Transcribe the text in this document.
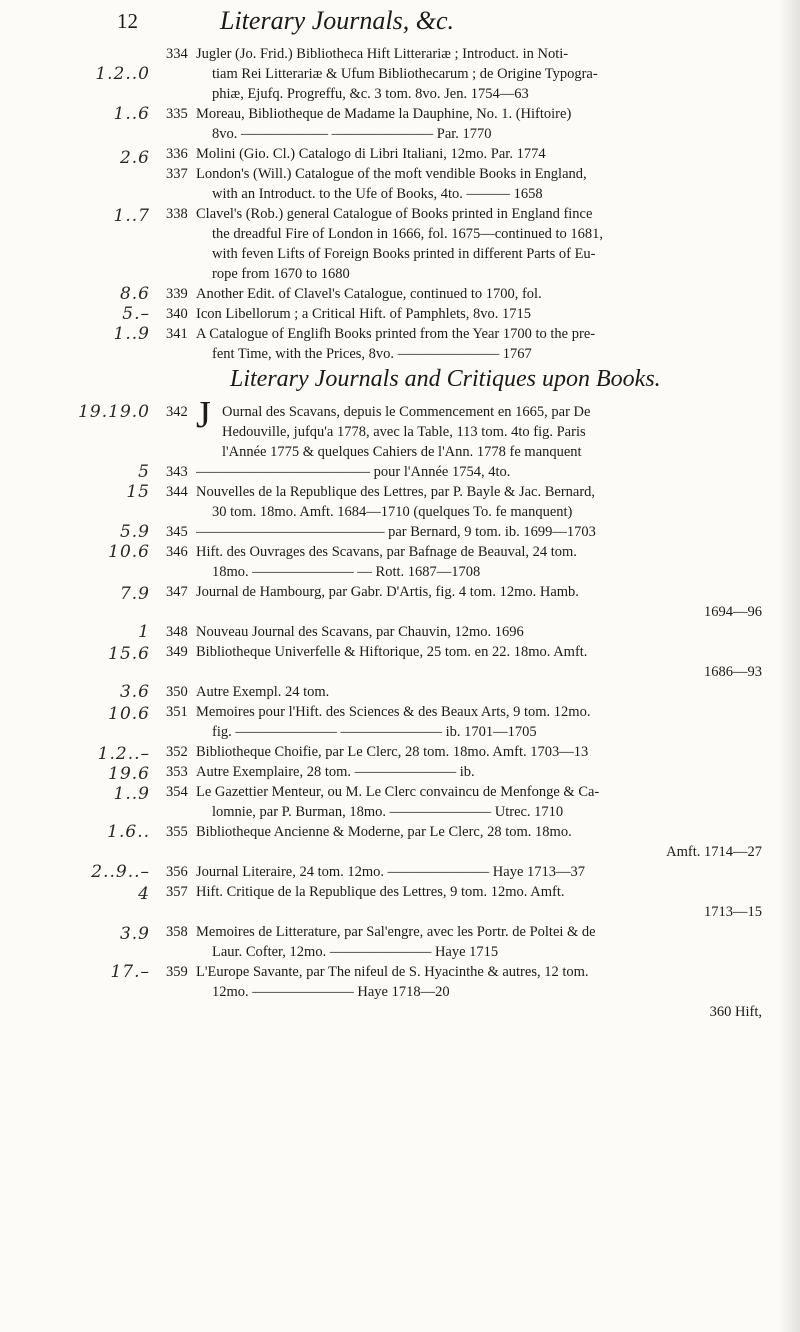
12	Literary Journals, &c.
334 Jugler (Jo. Frid.) Bibliotheca Hift Litterariæ ; Introduct. in Noti-
tiam Rei Litterariæ & Ufum Bibliothecarum ; de Origine Typogra-
phiæ, Ejufq. Progreffu, &c. 3 tom. 8vo. Jen. 1754—63
335 Moreau, Bibliotheque de Madame la Dauphine, No. 1. (Hiftoire)
8vo. —————— ——————— Par. 1770
336 Molini (Gio. Cl.) Catalogo di Libri Italiani, 12mo. Par. 1774
337 London's (Will.) Catalogue of the moft vendible Books in England,
with an Introduct. to the Ufe of Books, 4to. ——— 1658
338 Clavel's (Rob.) general Catalogue of Books printed in England fince
the dreadful Fire of London in 1666, fol. 1675—continued to 1681,
with feven Lifts of Foreign Books printed in different Parts of Eu-
rope from 1670 to 1680
339 Another Edit. of Clavel's Catalogue, continued to 1700, fol.
340 Icon Libellorum ; a Critical Hift. of Pamphlets, 8vo. 1715
341 A Catalogue of Englifh Books printed from the Year 1700 to the pre-
fent Time, with the Prices, 8vo. ——————— 1767
Literary Journals and Critiques upon Books.
J
342	Ournal des Scavans, depuis le Commencement en 1665, par De
Hedouville, jufqu'a 1778, avec la Table, 113 tom. 4to fig. Paris
l'Année 1775 & quelques Cahiers de l'Ann. 1778 fe manquent
343 ———————————— pour l'Année 1754, 4to.
344 Nouvelles de la Republique des Lettres, par P. Bayle & Jac. Bernard,
30 tom. 18mo. Amft. 1684—1710 (quelques To. fe manquent)
345 ————————————— par Bernard, 9 tom. ib. 1699—1703
346 Hift. des Ouvrages des Scavans, par Bafnage de Beauval, 24 tom.
18mo. ——————— — Rott. 1687—1708
347 Journal de Hambourg, par Gabr. D'Artis, fig. 4 tom. 12mo. Hamb.
1694—96
348 Nouveau Journal des Scavans, par Chauvin, 12mo. 1696
349 Bibliotheque Univerfelle & Hiftorique, 25 tom. en 22. 18mo. Amft.
1686—93
350 Autre Exempl. 24 tom.
351 Memoires pour l'Hift. des Sciences & des Beaux Arts, 9 tom. 12mo.
fig. ——————— ——————— ib. 1701—1705
352 Bibliotheque Choifie, par Le Clerc, 28 tom. 18mo. Amft. 1703—13
353 Autre Exemplaire, 28 tom. ——————— ib.
354 Le Gazettier Menteur, ou M. Le Clerc convaincu de Menfonge & Ca-
lomnie, par P. Burman, 18mo. ——————— Utrec. 1710
355 Bibliotheque Ancienne & Moderne, par Le Clerc, 28 tom. 18mo.
Amft. 1714—27
356 Journal Literaire, 24 tom. 12mo. ——————— Haye 1713—37
357 Hift. Critique de la Republique des Lettres, 9 tom. 12mo. Amft.
1713—15
358 Memoires de Litterature, par Sal'engre, avec les Portr. de Poltei & de
Laur. Cofter, 12mo. ——————— Haye 1715
359 L'Europe Savante, par The nifeul de S. Hyacinthe & autres, 12 tom.
12mo. ——————— Haye 1718—20
360 Hift,
1.2..0
1..6
2.6
1..7
8.6
5.–
1..9
19.19.0
5
15
5.9
10.6
7.9
1
15.6
3.6
10.6
1.2..–
19.6
1..9
1.6..
2..9..–
4
3.9
17.–
